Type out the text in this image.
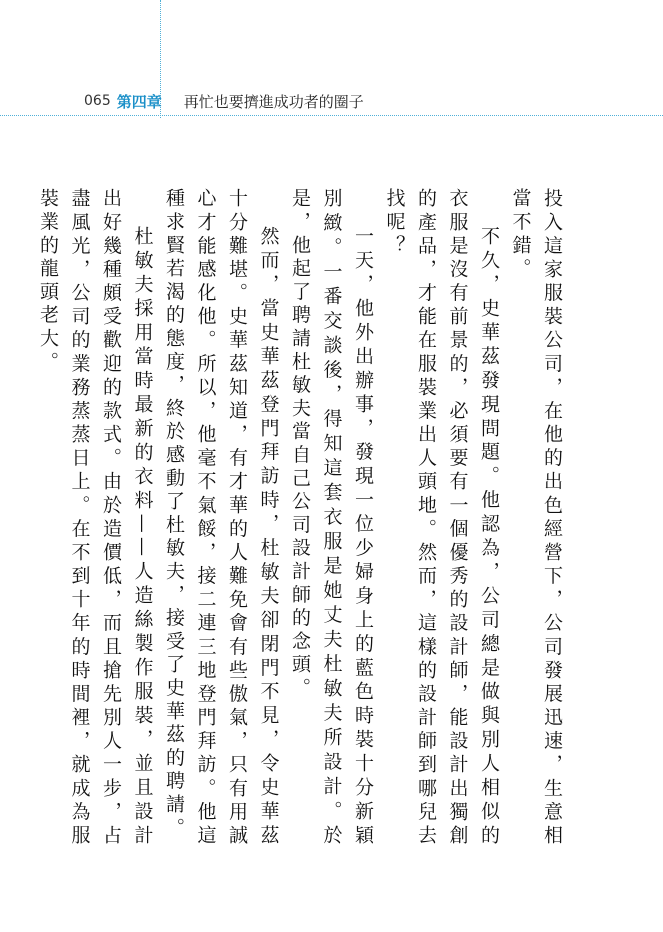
065 第四章 再忙也要擠進成功者的圈子

投入這家服裝公司，在他的出色經營下，公司發展迅速，生意相當不錯。

不久，史華茲發現問題。他認為，公司總是做與別人相似的衣服是沒有前景的，必須要有一個優秀的設計師，能設計出獨創的產品，才能在服裝業出人頭地。然而，這樣的設計師到哪兒去找呢？

一天，他外出辦事，發現一位少婦身上的藍色時裝十分新穎別緻。一番交談後，得知這套衣服是她丈夫杜敏夫所設計。於是，他起了聘請杜敏夫當自己公司設計師的念頭。

然而，當史華茲登門拜訪時，杜敏夫卻閉門不見，令史華茲十分難堪。史華茲知道，有才華的人難免會有些傲氣，只有用誠心才能感化他。所以，他毫不氣餒，接二連三地登門拜訪。他這種求賢若渴的態度，終於感動了杜敏夫，接受了史華茲的聘請。

杜敏夫採用當時最新的衣料——人造絲製作服裝，並且設計出好幾種頗受歡迎的款式。由於造價低，而且搶先別人一步，占盡風光，公司的業務蒸蒸日上。在不到十年的時間裡，就成為服裝業的龍頭老大。
